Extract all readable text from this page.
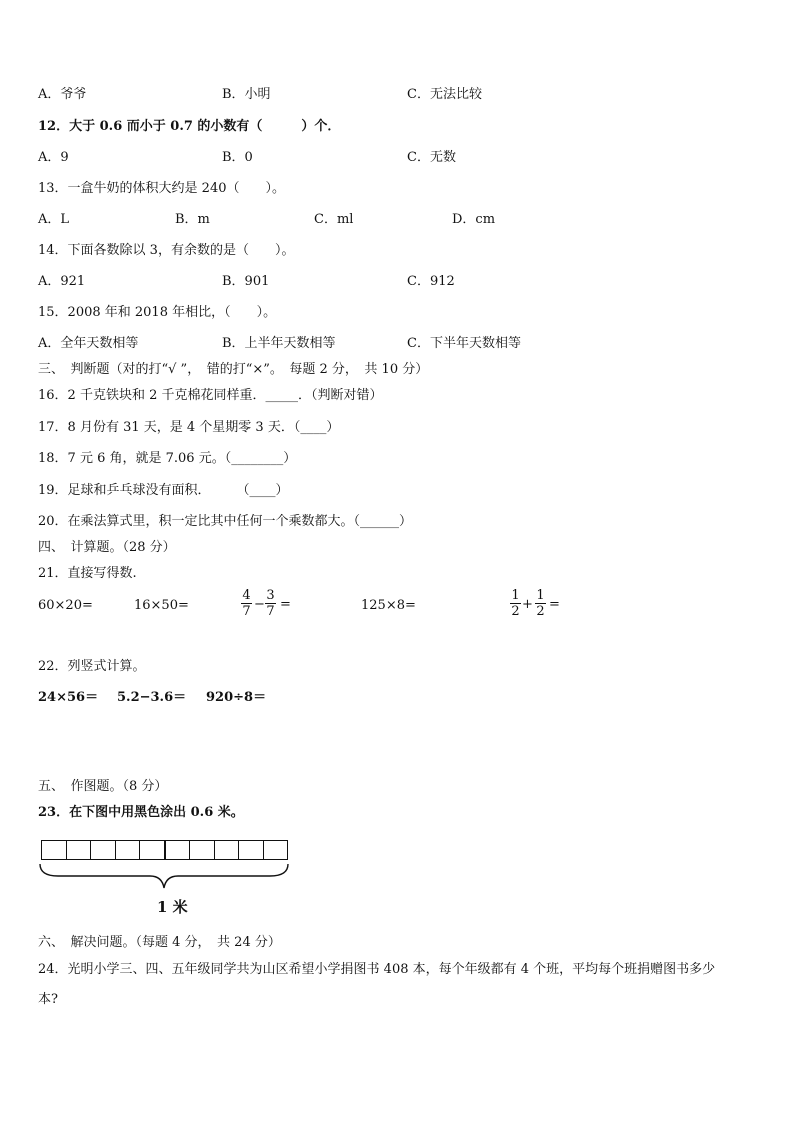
A．爷爷	B．小明	C．无法比较
12．大于 0.6 而小于 0.7 的小数有（　　　）个．
A．9	B．0	C．无数
13．一盒牛奶的体积大约是 240（　　）。
A．L	B．m	C．ml	D．cm
14．下面各数除以 3，有余数的是（　　）。
A．921	B．901	C．912
15．2008 年和 2018 年相比，（　　）。
A．全年天数相等	B．上半年天数相等	C．下半年天数相等
三、　判断题（对的打“√ ”，　错的打“×”。　每题 2 分，　共 10 分）
16．2 千克铁块和 2 千克棉花同样重．_____．（判断对错）
17．8 月份有 31 天，是 4 个星期零 3 天．（____）
18．7 元 6 角，就是 7.06 元。（________）
19．足球和乒乓球没有面积．　　　（____）
20．在乘法算式里，积一定比其中任何一个乘数都大。（______）
四、　计算题。（28 分）
21．直接写得数.
60×20=	16×50=
4
7 −
3
7 =	125×8=
1
2 +
1
2 =
22．列竖式计算。
24×56＝ 5.2−3.6＝ 920÷8＝
五、　作图题。（8 分）
23．在下图中用黑色涂出 0.6 米。
1 米
六、　解决问题。（每题 4 分，　共 24 分）
24．光明小学三、四、五年级同学共为山区希望小学捐图书 408 本，每个年级都有 4 个班，平均每个班捐赠图书多少
本?
